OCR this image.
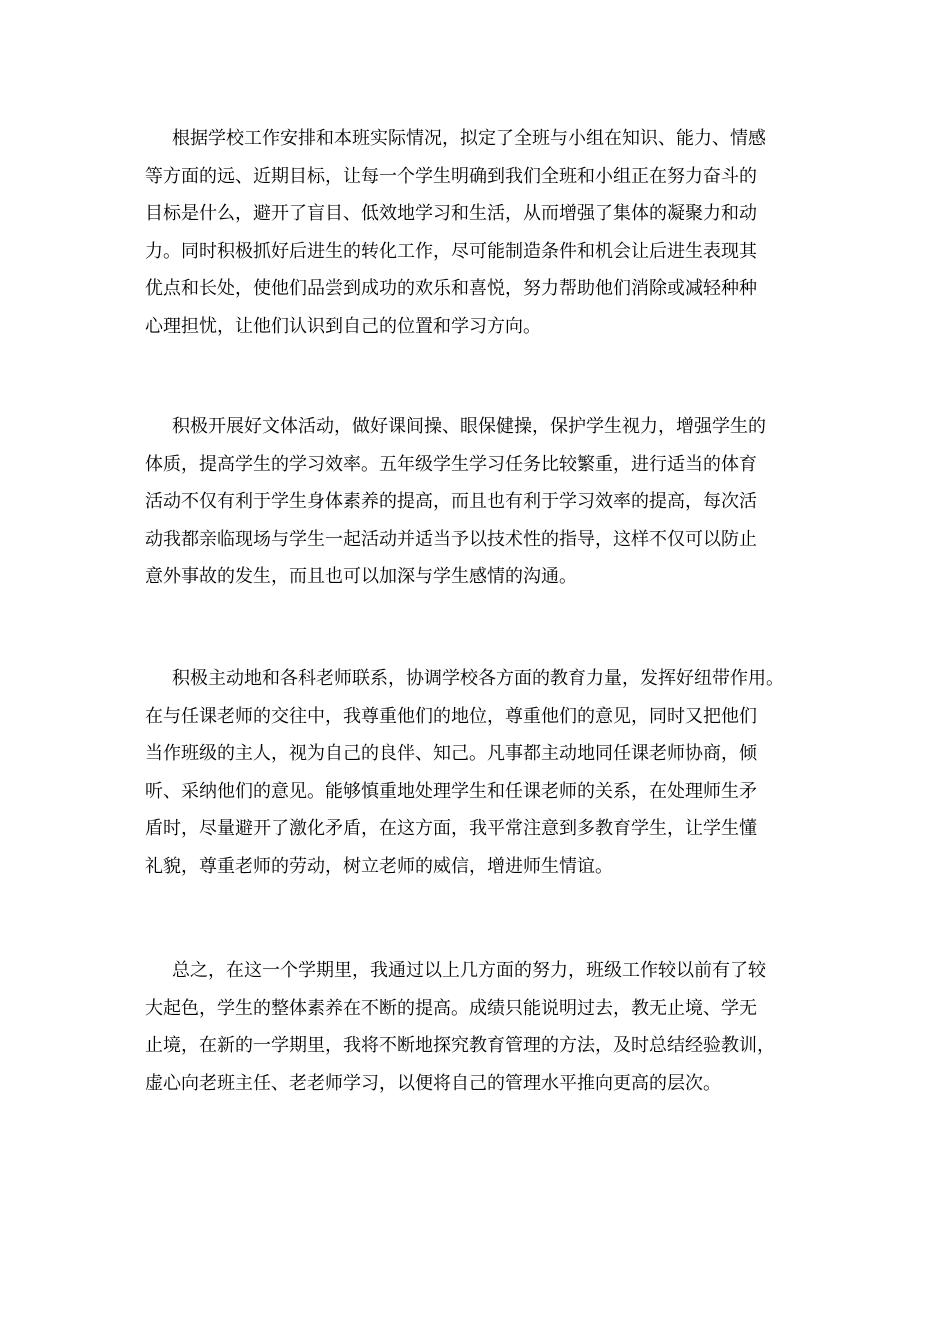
根据学校工作安排和本班实际情况，拟定了全班与小组在知识、能力、情感
等方面的远、近期目标，让每一个学生明确到我们全班和小组正在努力奋斗的
目标是什么，避开了盲目、低效地学习和生活，从而增强了集体的凝聚力和动
力。同时积极抓好后进生的转化工作，尽可能制造条件和机会让后进生表现其
优点和长处，使他们品尝到成功的欢乐和喜悦，努力帮助他们消除或减轻种种
心理担忧，让他们认识到自己的位置和学习方向。
积极开展好文体活动，做好课间操、眼保健操，保护学生视力，增强学生的
体质，提高学生的学习效率。五年级学生学习任务比较繁重，进行适当的体育
活动不仅有利于学生身体素养的提高，而且也有利于学习效率的提高，每次活
动我都亲临现场与学生一起活动并适当予以技术性的指导，这样不仅可以防止
意外事故的发生，而且也可以加深与学生感情的沟通。
积极主动地和各科老师联系，协调学校各方面的教育力量，发挥好纽带作用。
在与任课老师的交往中，我尊重他们的地位，尊重他们的意见，同时又把他们
当作班级的主人，视为自己的良伴、知己。凡事都主动地同任课老师协商，倾
听、采纳他们的意见。能够慎重地处理学生和任课老师的关系，在处理师生矛
盾时，尽量避开了激化矛盾，在这方面，我平常注意到多教育学生，让学生懂
礼貌，尊重老师的劳动，树立老师的威信，增进师生情谊。
总之，在这一个学期里，我通过以上几方面的努力，班级工作较以前有了较
大起色，学生的整体素养在不断的提高。成绩只能说明过去，教无止境、学无
止境，在新的一学期里，我将不断地探究教育管理的方法，及时总结经验教训，
虚心向老班主任、老老师学习，以便将自己的管理水平推向更高的层次。
